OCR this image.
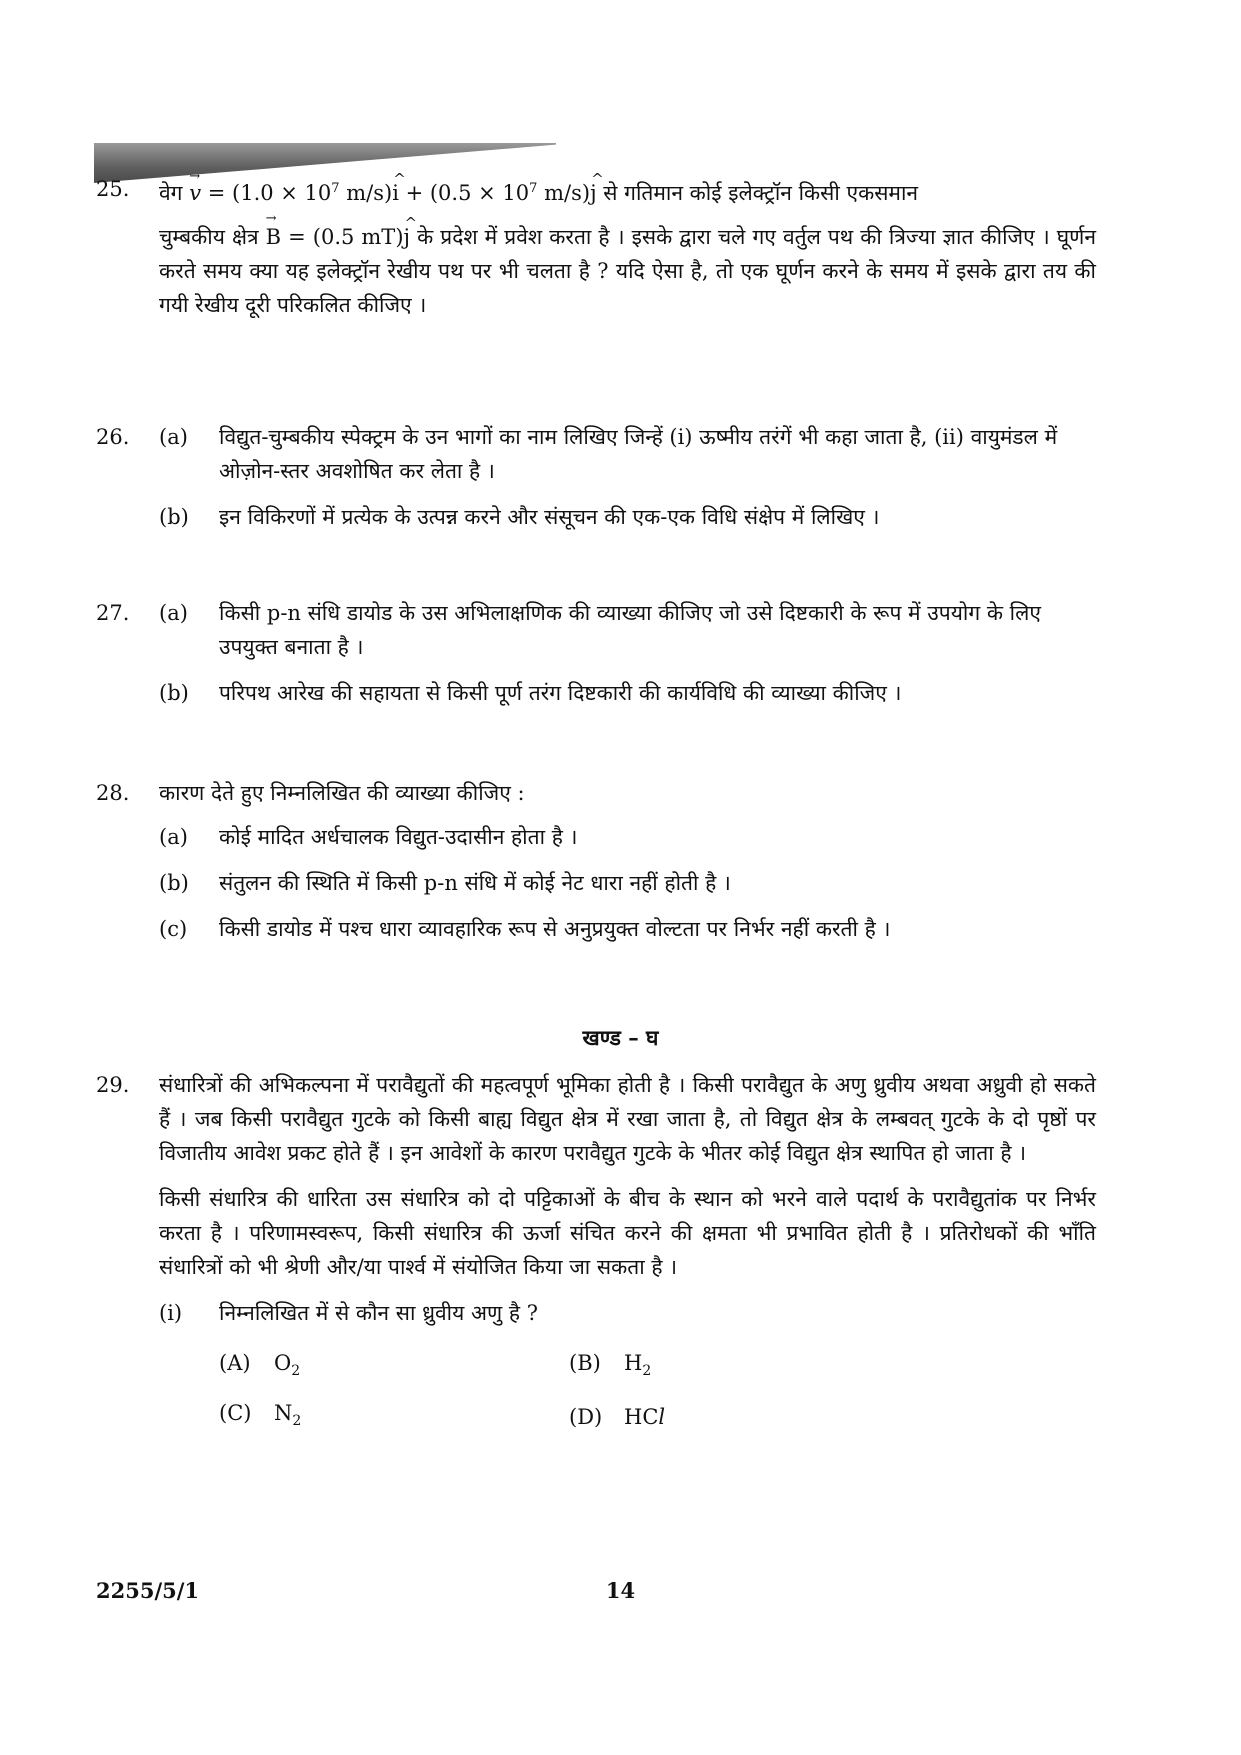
25.	वेग → $v = (1.0 \times 10^7$ m/s)^ $i + (0.5 \times 10^7$ m/s)^ j से गतिमान कोई इलेक्ट्रॉन किसी एकसमान
चुम्बकीय क्षेत्र → B = (0.5 mT)^ j के प्रदेश में प्रवेश करता है । इसके द्वारा चले गए वर्तुल पथ की त्रिज्या ज्ञात कीजिए । घूर्णन करते समय क्या यह इलेक्ट्रॉन रेखीय पथ पर भी चलता है ? यदि ऐसा है, तो एक घूर्णन करने के समय में इसके द्वारा तय की गयी रेखीय दूरी परिकलित कीजिए ।
26.	(a)	विद्युत-चुम्बकीय स्पेक्ट्रम के उन भागों का नाम लिखिए जिन्हें (i) ऊष्मीय तरंगें भी कहा जाता है, (ii) वायुमंडल में ओज़ोन-स्तर अवशोषित कर लेता है ।
(b)	इन विकिरणों में प्रत्येक के उत्पन्न करने और संसूचन की एक-एक विधि संक्षेप में लिखिए ।
27.	(a)	किसी p-n संधि डायोड के उस अभिलाक्षणिक की व्याख्या कीजिए जो उसे दिष्टकारी के रूप में उपयोग के लिए उपयुक्त बनाता है ।
(b)	परिपथ आरेख की सहायता से किसी पूर्ण तरंग दिष्टकारी की कार्यविधि की व्याख्या कीजिए ।
28.	कारण देते हुए निम्नलिखित की व्याख्या कीजिए :
(a)	कोई मादित अर्धचालक विद्युत-उदासीन होता है ।
(b)	संतुलन की स्थिति में किसी p-n संधि में कोई नेट धारा नहीं होती है ।
(c)	किसी डायोड में पश्च धारा व्यावहारिक रूप से अनुप्रयुक्त वोल्टता पर निर्भर नहीं करती है ।
खण्ड – घ
29.	संधारित्रों की अभिकल्पना में परावैद्युतों की महत्वपूर्ण भूमिका होती है । किसी परावैद्युत के अणु ध्रुवीय अथवा अध्रुवी हो सकते हैं । जब किसी परावैद्युत गुटके को किसी बाह्य विद्युत क्षेत्र में रखा जाता है, तो विद्युत क्षेत्र के लम्बवत् गुटके के दो पृष्ठों पर विजातीय आवेश प्रकट होते हैं । इन आवेशों के कारण परावैद्युत गुटके के भीतर कोई विद्युत क्षेत्र स्थापित हो जाता है ।
किसी संधारित्र की धारिता उस संधारित्र को दो पट्टिकाओं के बीच के स्थान को भरने वाले पदार्थ के परावैद्युतांक पर निर्भर करता है । परिणामस्वरूप, किसी संधारित्र की ऊर्जा संचित करने की क्षमता भी प्रभावित होती है । प्रतिरोधकों की भाँति संधारित्रों को भी श्रेणी और/या पार्श्व में संयोजित किया जा सकता है ।
(i)	निम्नलिखित में से कौन सा ध्रुवीय अणु है ?
(A)	$O_2$	(B)	$H_2$
(C)	$N_2$	(D)	HCl
2255/5/1	14
